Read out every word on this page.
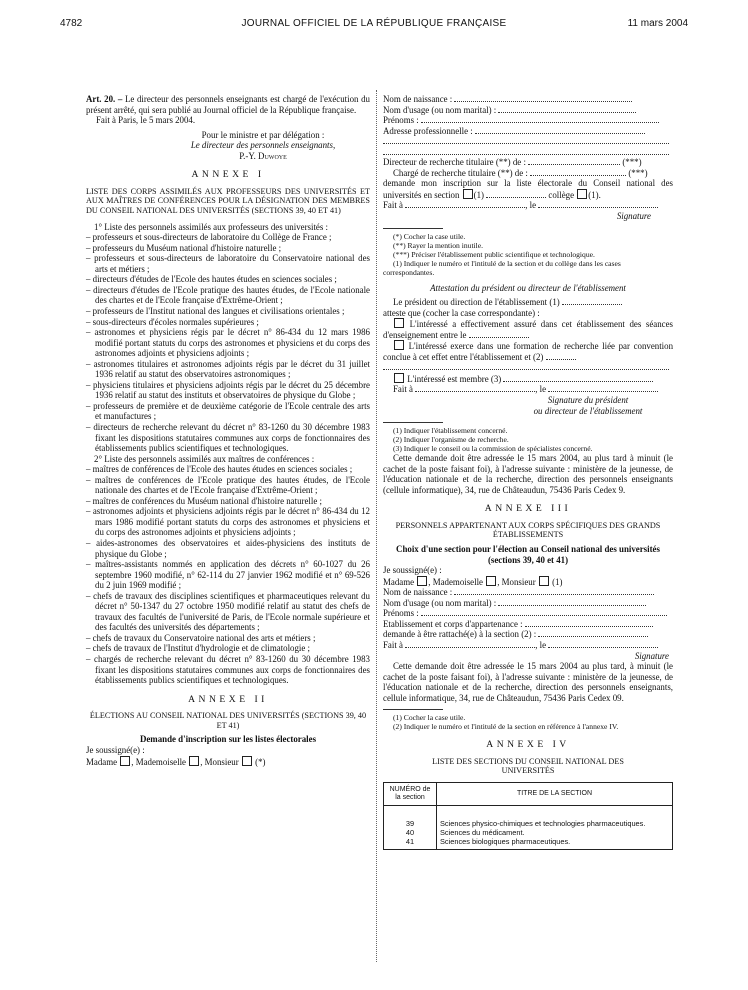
4782	JOURNAL OFFICIEL DE LA RÉPUBLIQUE FRANÇAISE	11 mars 2004

Art. 20. – Le directeur des personnels enseignants est chargé de l'exécution du présent arrêté, qui sera publié au Journal officiel de la République française.

Fait à Paris, le 5 mars 2004.

Pour le ministre et par délégation :

Le directeur des personnels enseignants,

P.-Y. Duwoye

ANNEXE I

LISTE DES CORPS ASSIMILÉS AUX PROFESSEURS DES UNIVERSITÉS ET AUX MAÎTRES DE CONFÉRENCES POUR LA DÉSIGNATION DES MEMBRES DU CONSEIL NATIONAL DES UNIVERSITÉS (SECTIONS 39, 40 ET 41)

1° Liste des personnels assimilés aux professeurs des universités :

– professeurs et sous-directeurs de laboratoire du Collège de France ;

– professeurs du Muséum national d'histoire naturelle ;

– professeurs et sous-directeurs de laboratoire du Conservatoire national des arts et métiers ;

– directeurs d'études de l'Ecole des hautes études en sciences sociales ;

– directeurs d'études de l'Ecole pratique des hautes études, de l'Ecole nationale des chartes et de l'Ecole française d'Extrême-Orient ;

– professeurs de l'Institut national des langues et civilisations orientales ;

– sous-directeurs d'écoles normales supérieures ;

– astronomes et physiciens régis par le décret n° 86-434 du 12 mars 1986 modifié portant statuts du corps des astronomes et physiciens et du corps des astronomes adjoints et physiciens adjoints ;

– astronomes titulaires et astronomes adjoints régis par le décret du 31 juillet 1936 relatif au statut des observatoires astronomiques ;

– physiciens titulaires et physiciens adjoints régis par le décret du 25 décembre 1936 relatif au statut des instituts et observatoires de physique du Globe ;

– professeurs de première et de deuxième catégorie de l'Ecole centrale des arts et manufactures ;

– directeurs de recherche relevant du décret n° 83-1260 du 30 décembre 1983 fixant les dispositions statutaires communes aux corps de fonctionnaires des établissements publics scientifiques et technologiques.

2° Liste des personnels assimilés aux maîtres de conférences :

– maîtres de conférences de l'Ecole des hautes études en sciences sociales ;

– maîtres de conférences de l'Ecole pratique des hautes études, de l'Ecole nationale des chartes et de l'Ecole française d'Extrême-Orient ;

– maîtres de conférences du Muséum national d'histoire naturelle ;

– astronomes adjoints et physiciens adjoints régis par le décret n° 86-434 du 12 mars 1986 modifié portant statuts du corps des astronomes et physiciens et du corps des astronomes adjoints et physiciens adjoints ;

– aides-astronomes des observatoires et aides-physiciens des instituts de physique du Globe ;

– maîtres-assistants nommés en application des décrets n° 60-1027 du 26 septembre 1960 modifié, n° 62-114 du 27 janvier 1962 modifié et n° 69-526 du 2 juin 1969 modifié ;

– chefs de travaux des disciplines scientifiques et pharmaceutiques relevant du décret n° 50-1347 du 27 octobre 1950 modifié relatif au statut des chefs de travaux des facultés de l'université de Paris, de l'Ecole normale supérieure et des facultés des universités des départements ;

– chefs de travaux du Conservatoire national des arts et métiers ;

– chefs de travaux de l'Institut d'hydrologie et de climatologie ;

– chargés de recherche relevant du décret n° 83-1260 du 30 décembre 1983 fixant les dispositions statutaires communes aux corps de fonctionnaires des établissements publics scientifiques et technologiques.

ANNEXE II

ÉLECTIONS AU CONSEIL NATIONAL DES UNIVERSITÉS (SECTIONS 39, 40 ET 41)

Demande d'inscription sur les listes électorales

Je soussigné(e) :

Madame , Mademoiselle , Monsieur (*)

Nom de naissance :

Nom d'usage (ou nom marital) :

Prénoms :

Adresse professionnelle :

Directeur de recherche titulaire (**) de :	(***)

Chargé de recherche titulaire (**) de :	(***)

demande mon inscription sur la liste électorale du Conseil national des universités en section (1)	collège (1).

Fait à	, le

Signature

(*) Cocher la case utile.

(**) Rayer la mention inutile.

(***) Préciser l'établissement public scientifique et technologique.

(1) Indiquer le numéro et l'intitulé de la section et du collège dans les cases correspondantes.

Attestation du président ou directeur de l'établissement

Le président ou direction de l'établissement (1)

atteste que (cocher la case correspondante) :

L'intéressé a effectivement assuré dans cet établissement des séances d'enseignement entre le

L'intéressé exerce dans une formation de recherche liée par convention conclue à cet effet entre l'établissement et (2)

L'intéressé est membre (3)

Fait à	, le

Signature du président

ou directeur de l'établissement

(1) Indiquer l'établissement concerné.

(2) Indiquer l'organisme de recherche.

(3) Indiquer le conseil ou la commission de spécialistes concerné.

Cette demande doit être adressée le 15 mars 2004, au plus tard à minuit (le cachet de la poste faisant foi), à l'adresse suivante : ministère de la jeunesse, de l'éducation nationale et de la recherche, direction des personnels enseignants (cellule informatique), 34, rue de Châteaudun, 75436 Paris Cedex 9.

ANNEXE III

PERSONNELS APPARTENANT AUX CORPS SPÉCIFIQUES DES GRANDS ÉTABLISSEMENTS

Choix d'une section pour l'élection au Conseil national des universités (sections 39, 40 et 41)

Je soussigné(e) :

Madame , Mademoiselle , Monsieur (1)

Nom de naissance :

Nom d'usage (ou nom marital) :

Prénoms :

Etablissement et corps d'appartenance :

demande à être rattaché(e) à la section (2) :

Fait à	, le

Signature

Cette demande doit être adressée le 15 mars 2004 au plus tard, à minuit (le cachet de la poste faisant foi), à l'adresse suivante : ministère de la jeunesse, de l'éducation nationale et de la recherche, direction des personnels enseignants, cellule informatique, 34, rue de Châteaudun, 75436 Paris Cedex 09.

(1) Cocher la case utile.

(2) Indiquer le numéro et l'intitulé de la section en référence à l'annexe IV.

ANNEXE IV

LISTE DES SECTIONS DU CONSEIL NATIONAL DES UNIVERSITÉS

NUMÉRO de la section	TITRE DE LA SECTION
39	Sciences physico-chimiques et technologies pharmaceutiques.
40	Sciences du médicament.
41	Sciences biologiques pharmaceutiques.
